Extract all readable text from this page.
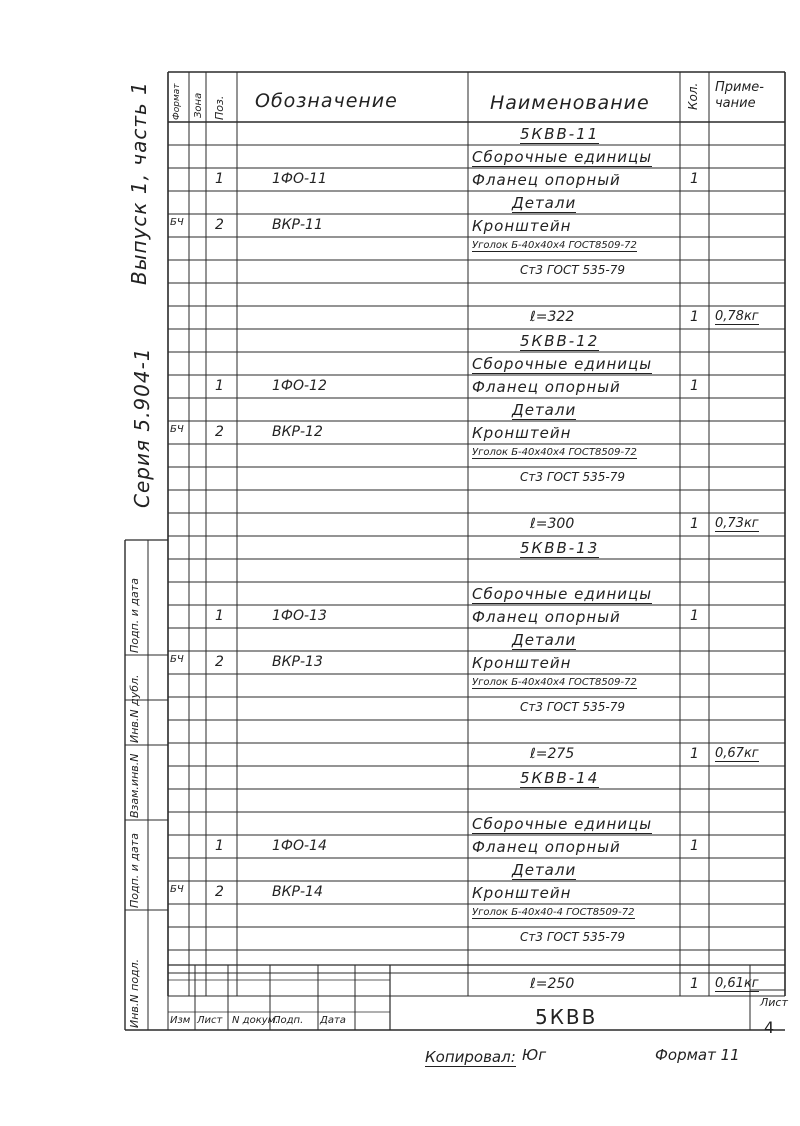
Формат Зона Поз. Обозначение	Наименование	Кол. Приме-чание
Выпуск 1, часть 1
Серия 5.904-1
5КВВ-11
Сборочные единицы
1	1ФО-11	Фланец опорный	1
Детали
БЧ 2	ВКР-11	Кронштейн
Уголок Б-40х40х4 ГОСТ8509-72
Ст3 ГОСТ 535-79
ℓ=322	1 0,78кг
5КВВ-12
Сборочные единицы
1	1ФО-12	Фланец опорный	1
Детали
БЧ 2	ВКР-12	Кронштейн
Уголок Б-40х40х4 ГОСТ8509-72
Ст3 ГОСТ 535-79
ℓ=300	1 0,73кг
5КВВ-13
Сборочные единицы
1	1ФО-13	Фланец опорный	1
Детали
БЧ 2	ВКР-13	Кронштейн
Уголок Б-40х40х4 ГОСТ8509-72
Ст3 ГОСТ 535-79
ℓ=275	1 0,67кг
5КВВ-14
Сборочные единицы
1	1ФО-14	Фланец опорный	1
Детали
БЧ 2	ВКР-14	Кронштейн
Уголок Б-40х40-4 ГОСТ8509-72
Ст3 ГОСТ 535-79
ℓ=250	1 0,61кг
Инв.N подл.
Подп. и дата
Взам.инв.N
Инв.N дубл.
Подп. и дата
5КВВ
Лист
4
Изм Лист N докум.
Подп. Дата
Копировал: Юг	Формат 11
